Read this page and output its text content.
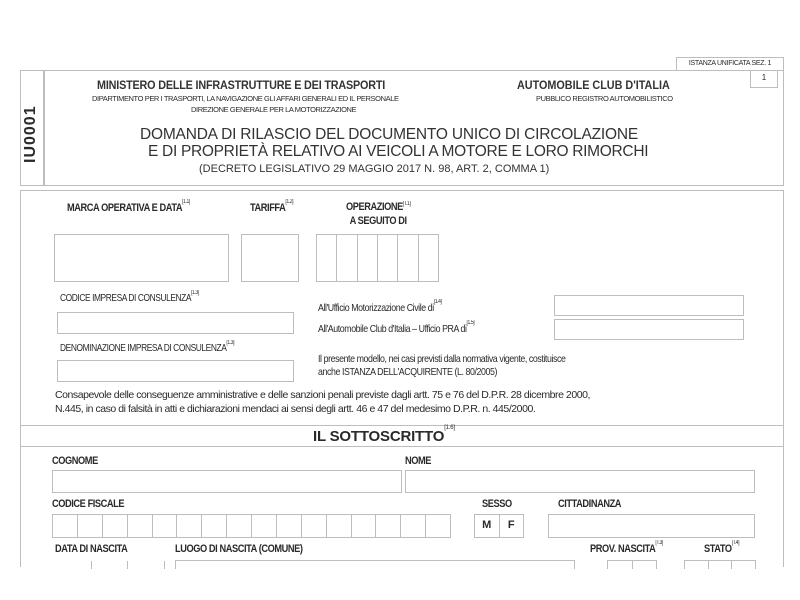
ISTANZA UNIFICATA SEZ. 1
IU0001
1
MINISTERO DELLE INFRASTRUTTURE E DEI TRASPORTI
DIPARTIMENTO PER I TRASPORTI, LA NAVIGAZIONE GLI AFFARI GENERALI ED IL PERSONALE
DIREZIONE GENERALE PER LA MOTORIZZAZIONE
AUTOMOBILE CLUB D'ITALIA
PUBBLICO REGISTRO AUTOMOBILISTICO
DOMANDA DI RILASCIO DEL DOCUMENTO UNICO DI CIRCOLAZIONE
E DI PROPRIETÀ RELATIVO AI VEICOLI A MOTORE E LORO RIMORCHI
(DECRETO LEGISLATIVO 29 MAGGIO 2017 N. 98, ART. 2, COMMA 1)
MARCA OPERATIVA E DATA[1.1]	TARIFFA[1.2]	OPERAZIONE[T.1]
A SEGUITO DI
CODICE IMPRESA DI CONSULENZA[1.3]
DENOMINAZIONE IMPRESA DI CONSULENZA[1.3]
All'Ufficio Motorizzazione Civile di[1.4]
All'Automobile Club d'Italia – Ufficio PRA di[1.5]
Il presente modello, nei casi previsti dalla normativa vigente, costituisce
anche ISTANZA DELL'ACQUIRENTE (L. 80/2005)
Consapevole delle conseguenze amministrative e delle sanzioni penali previste dagli artt. 75 e 76 del D.P.R. 28 dicembre 2000,
N.445, in caso di falsità in atti e dichiarazioni mendaci ai sensi degli artt. 46 e 47 del medesimo D.P.R. n. 445/2000.
IL SOTTOSCRITTO[1.6]
COGNOME	NOME
CODICE FISCALE	SESSO
M	F
CITTADINANZA
DATA DI NASCITA	LUOGO DI NASCITA (COMUNE)	PROV. NASCITA[T.3]	STATO[T.4]
